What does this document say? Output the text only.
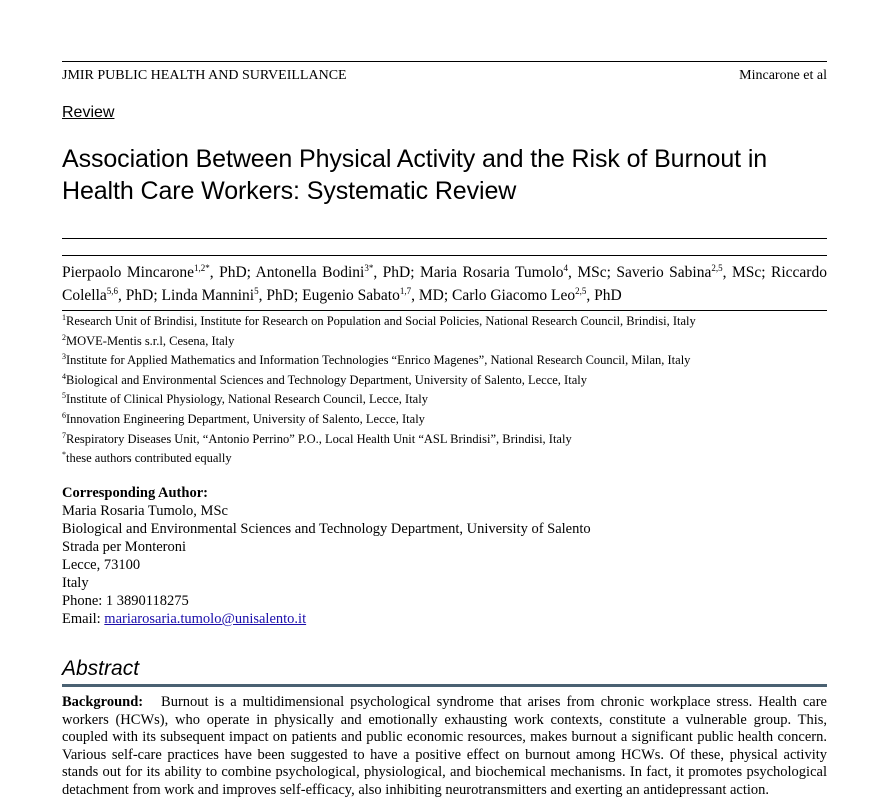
JMIR PUBLIC HEALTH AND SURVEILLANCE	Mincarone et al
Review
Association Between Physical Activity and the Risk of Burnout in Health Care Workers: Systematic Review
Pierpaolo Mincarone$^{1,2*}$, PhD; Antonella Bodini$^{3*}$, PhD; Maria Rosaria Tumolo$^4$, MSc; Saverio Sabina$^{2,5}$, MSc; Riccardo Colella$^{5,6}$, PhD; Linda Mannini$^5$, PhD; Eugenio Sabato$^{1,7}$, MD; Carlo Giacomo Leo$^{2,5}$, PhD
$^1$Research Unit of Brindisi, Institute for Research on Population and Social Policies, National Research Council, Brindisi, Italy
$^2$MOVE-Mentis s.r.l, Cesena, Italy
$^3$Institute for Applied Mathematics and Information Technologies “Enrico Magenes”, National Research Council, Milan, Italy
$^4$Biological and Environmental Sciences and Technology Department, University of Salento, Lecce, Italy
$^5$Institute of Clinical Physiology, National Research Council, Lecce, Italy
$^6$Innovation Engineering Department, University of Salento, Lecce, Italy
$^7$Respiratory Diseases Unit, “Antonio Perrino” P.O., Local Health Unit “ASL Brindisi”, Brindisi, Italy
*these authors contributed equally
Corresponding Author:
Maria Rosaria Tumolo, MSc
Biological and Environmental Sciences and Technology Department, University of Salento
Strada per Monteroni
Lecce, 73100
Italy
Phone: 1 3890118275
Email: mariarosaria.tumolo@unisalento.it
Abstract

Background: Burnout is a multidimensional psychological syndrome that arises from chronic workplace stress. Health care workers (HCWs), who operate in physically and emotionally exhausting work contexts, constitute a vulnerable group. This, coupled with its subsequent impact on patients and public economic resources, makes burnout a significant public health concern. Various self-care practices have been suggested to have a positive effect on burnout among HCWs. Of these, physical activity stands out for its ability to combine psychological, physiological, and biochemical mechanisms. In fact, it promotes psychological detachment from work and improves self-efficacy, also inhibiting neurotransmitters and exerting an antidepressant action.
